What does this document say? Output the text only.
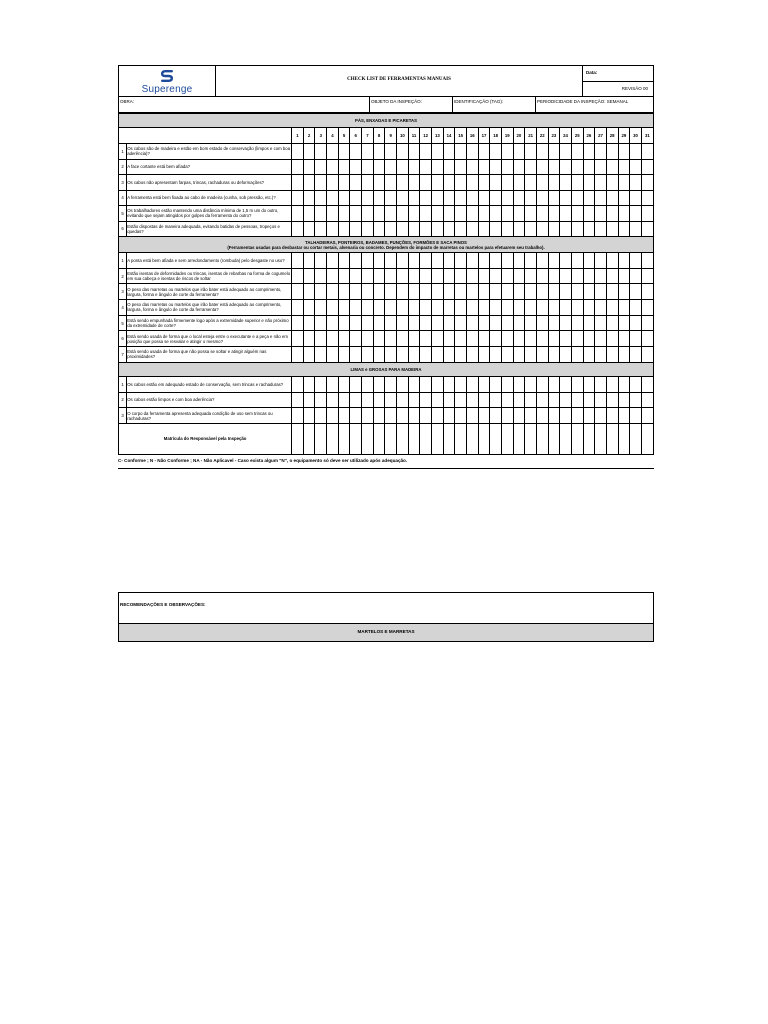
Superenge
CHECK LIST DE FERRAMENTAS MANUAIS
Data:
REVISÃO 00
OBRA:	OBJETO DA INSPEÇÃO:	IDENTIFICAÇÃO (TAG):	PERIODICIDADE DA INSPEÇÃO: SEMANAL
PÁS, ENXADAS E PICARETAS																																

		1	2	3	4	5	6	7	8	9	10	11	12	13	14	15	16	17	18	19	20	21	22	23	24	25	26	27	28	29	30	31
1	Os cabos são de madeira e estão em bom estado de conservação (limpos e com boa aderência)?																															
2	A face cortante está bem afiada?																															
3	Os cabos não apresentam farpas, trincas, rachaduras ou deformações?																															
4	A ferramenta está bem fixada ao cabo de madeira (cunha, sob pressão, etc.)?																															
5	Os trabalhadores estão mantendo uma distância mínima de 1,5 m um do outro, evitando que sejam atingidos por golpes da ferramenta do outro?																															
6	Estão dispostas de maneira adequada, evitando batidas de pessoas, tropeços e quedas?																															

TALHADEIRAS, PONTEIROS, BADAMES, PUNÇÕES, FORMÕES E SACA PINOS
(Ferramentas usadas para desbastar ou cortar metais, alvenaria ou concreto. Dependem do impacto de marretas ou martelos para efetuarem seu trabalho).																																

1	A ponta está bem afiada e sem arredondamento (rombuda) pelo desgaste no uso?																															
2	Estão isentas de deformidades ou trincas, isentas de rebarbas na forma de cogumelo em sua cabeça e isentas de riscos de soltar																															
3	O peso das marretas ou martelos que irão bater está adequado ao comprimento, largura, forma e ângulo de corte da ferramenta?																															
4	O peso das marretas ou martelos que irão bater está adequado ao comprimento, largura, forma e ângulo de corte da ferramenta?																															
5	Está sendo empunhada firmemente logo após a extremidade superior e não próximo da extremidade de corte?																															
6	Está sendo usada de forma que o local esteja entre o executante e a peça e não em posição que possa se resvalar e atingir o mesmo?																															
7	Está sendo usada de forma que não possa se soltar e atingir alguém nas proximidades?																															

LIMAS e GROSAS PARA MADEIRA																																

1	Os cabos estão em adequado estado de conservação, sem trincas e rachaduras?																															
2	Os cabos estão limpos e com boa aderência?																															
3	O corpo da ferramenta apresenta adequada condição de uso sem trincas ou rachaduras?																															
Matrícula do Responsável pela Inspeção																																
C- Conforme ; N - Não Conforme ; NA - Não Aplicavel - Caso exista algum "N", o equipamento só deve ser utilizado após adequação.
RECOMENDAÇÕES E OBSERVAÇÕES:
MARTELOS E MARRETAS
